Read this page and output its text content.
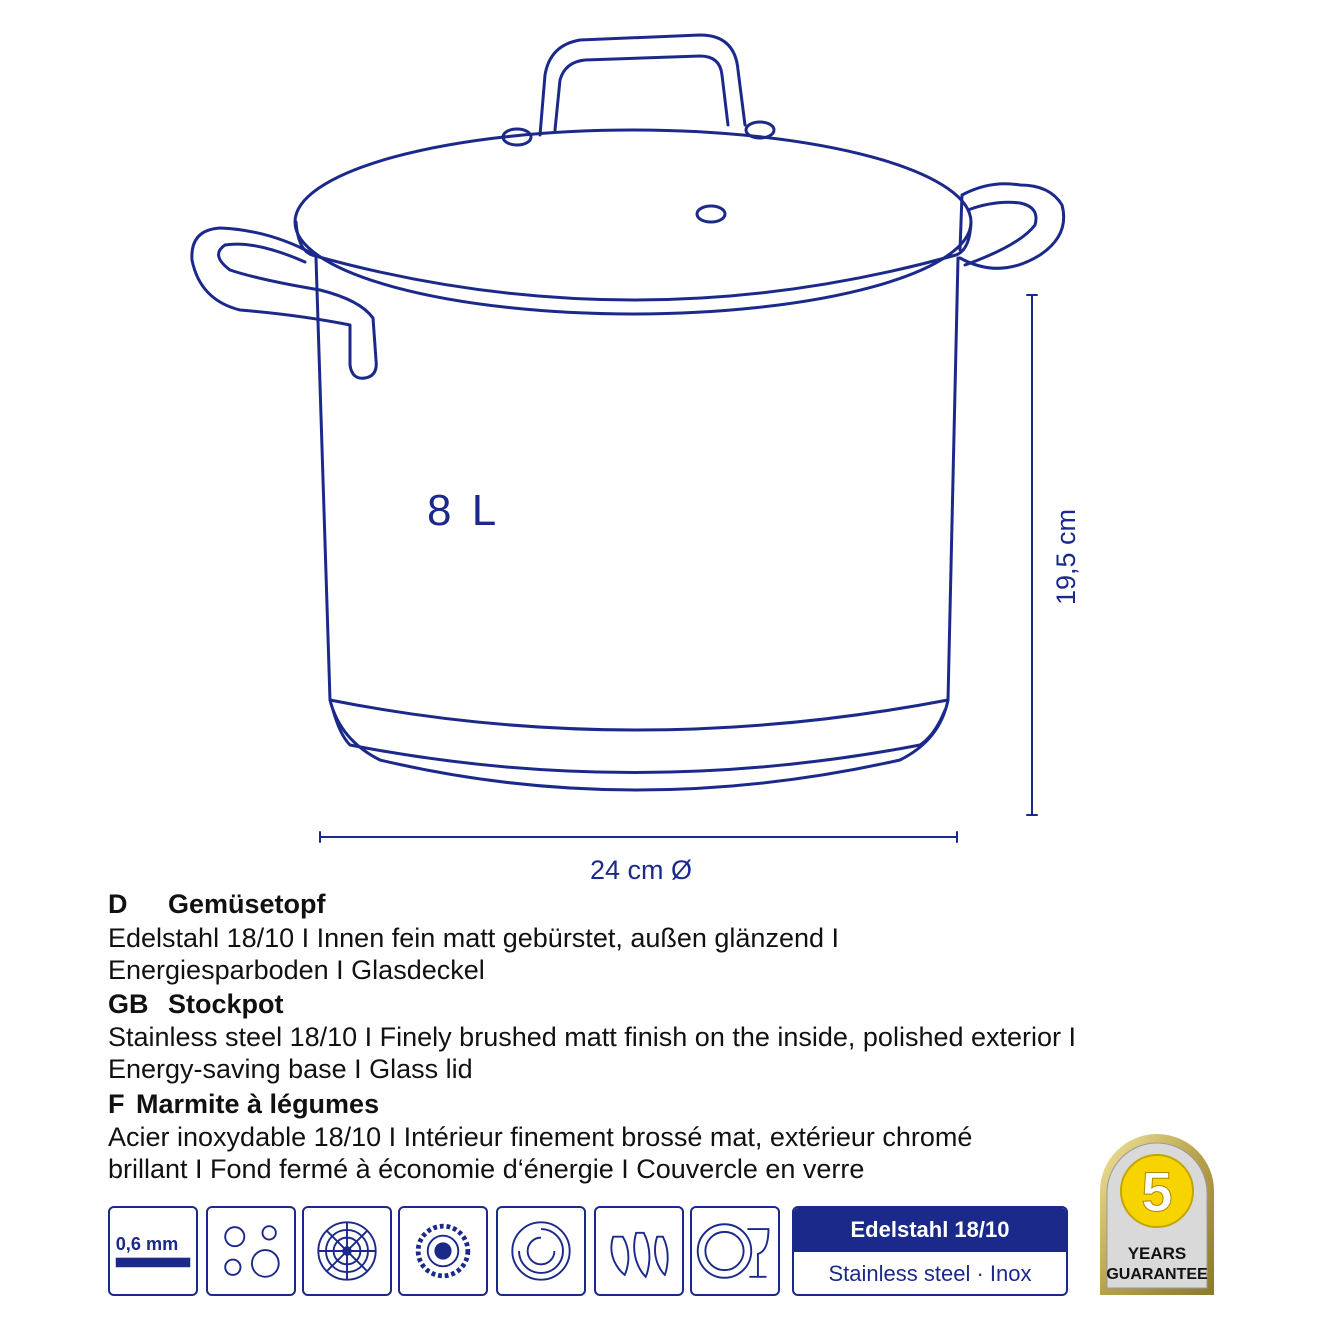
8 L	19,5 cm
24 cm Ø
D Gemüsetopf
Edelstahl 18/10 I Innen fein matt gebürstet, außen glänzend I
Energiesparboden I Glasdeckel
GB Stockpot
Stainless steel 18/10 I Finely brushed matt finish on the inside, polished exterior I
Energy-saving base I Glass lid
F Marmite à légumes
Acier inoxydable 18/10 I Intérieur finement brossé mat, extérieur chromé
brillant I Fond fermé à économie d‘énergie I Couvercle en verre
0,6 mm
Edelstahl 18/10
Stainless steel · Inox
5
YEARS
GUARANTEE
